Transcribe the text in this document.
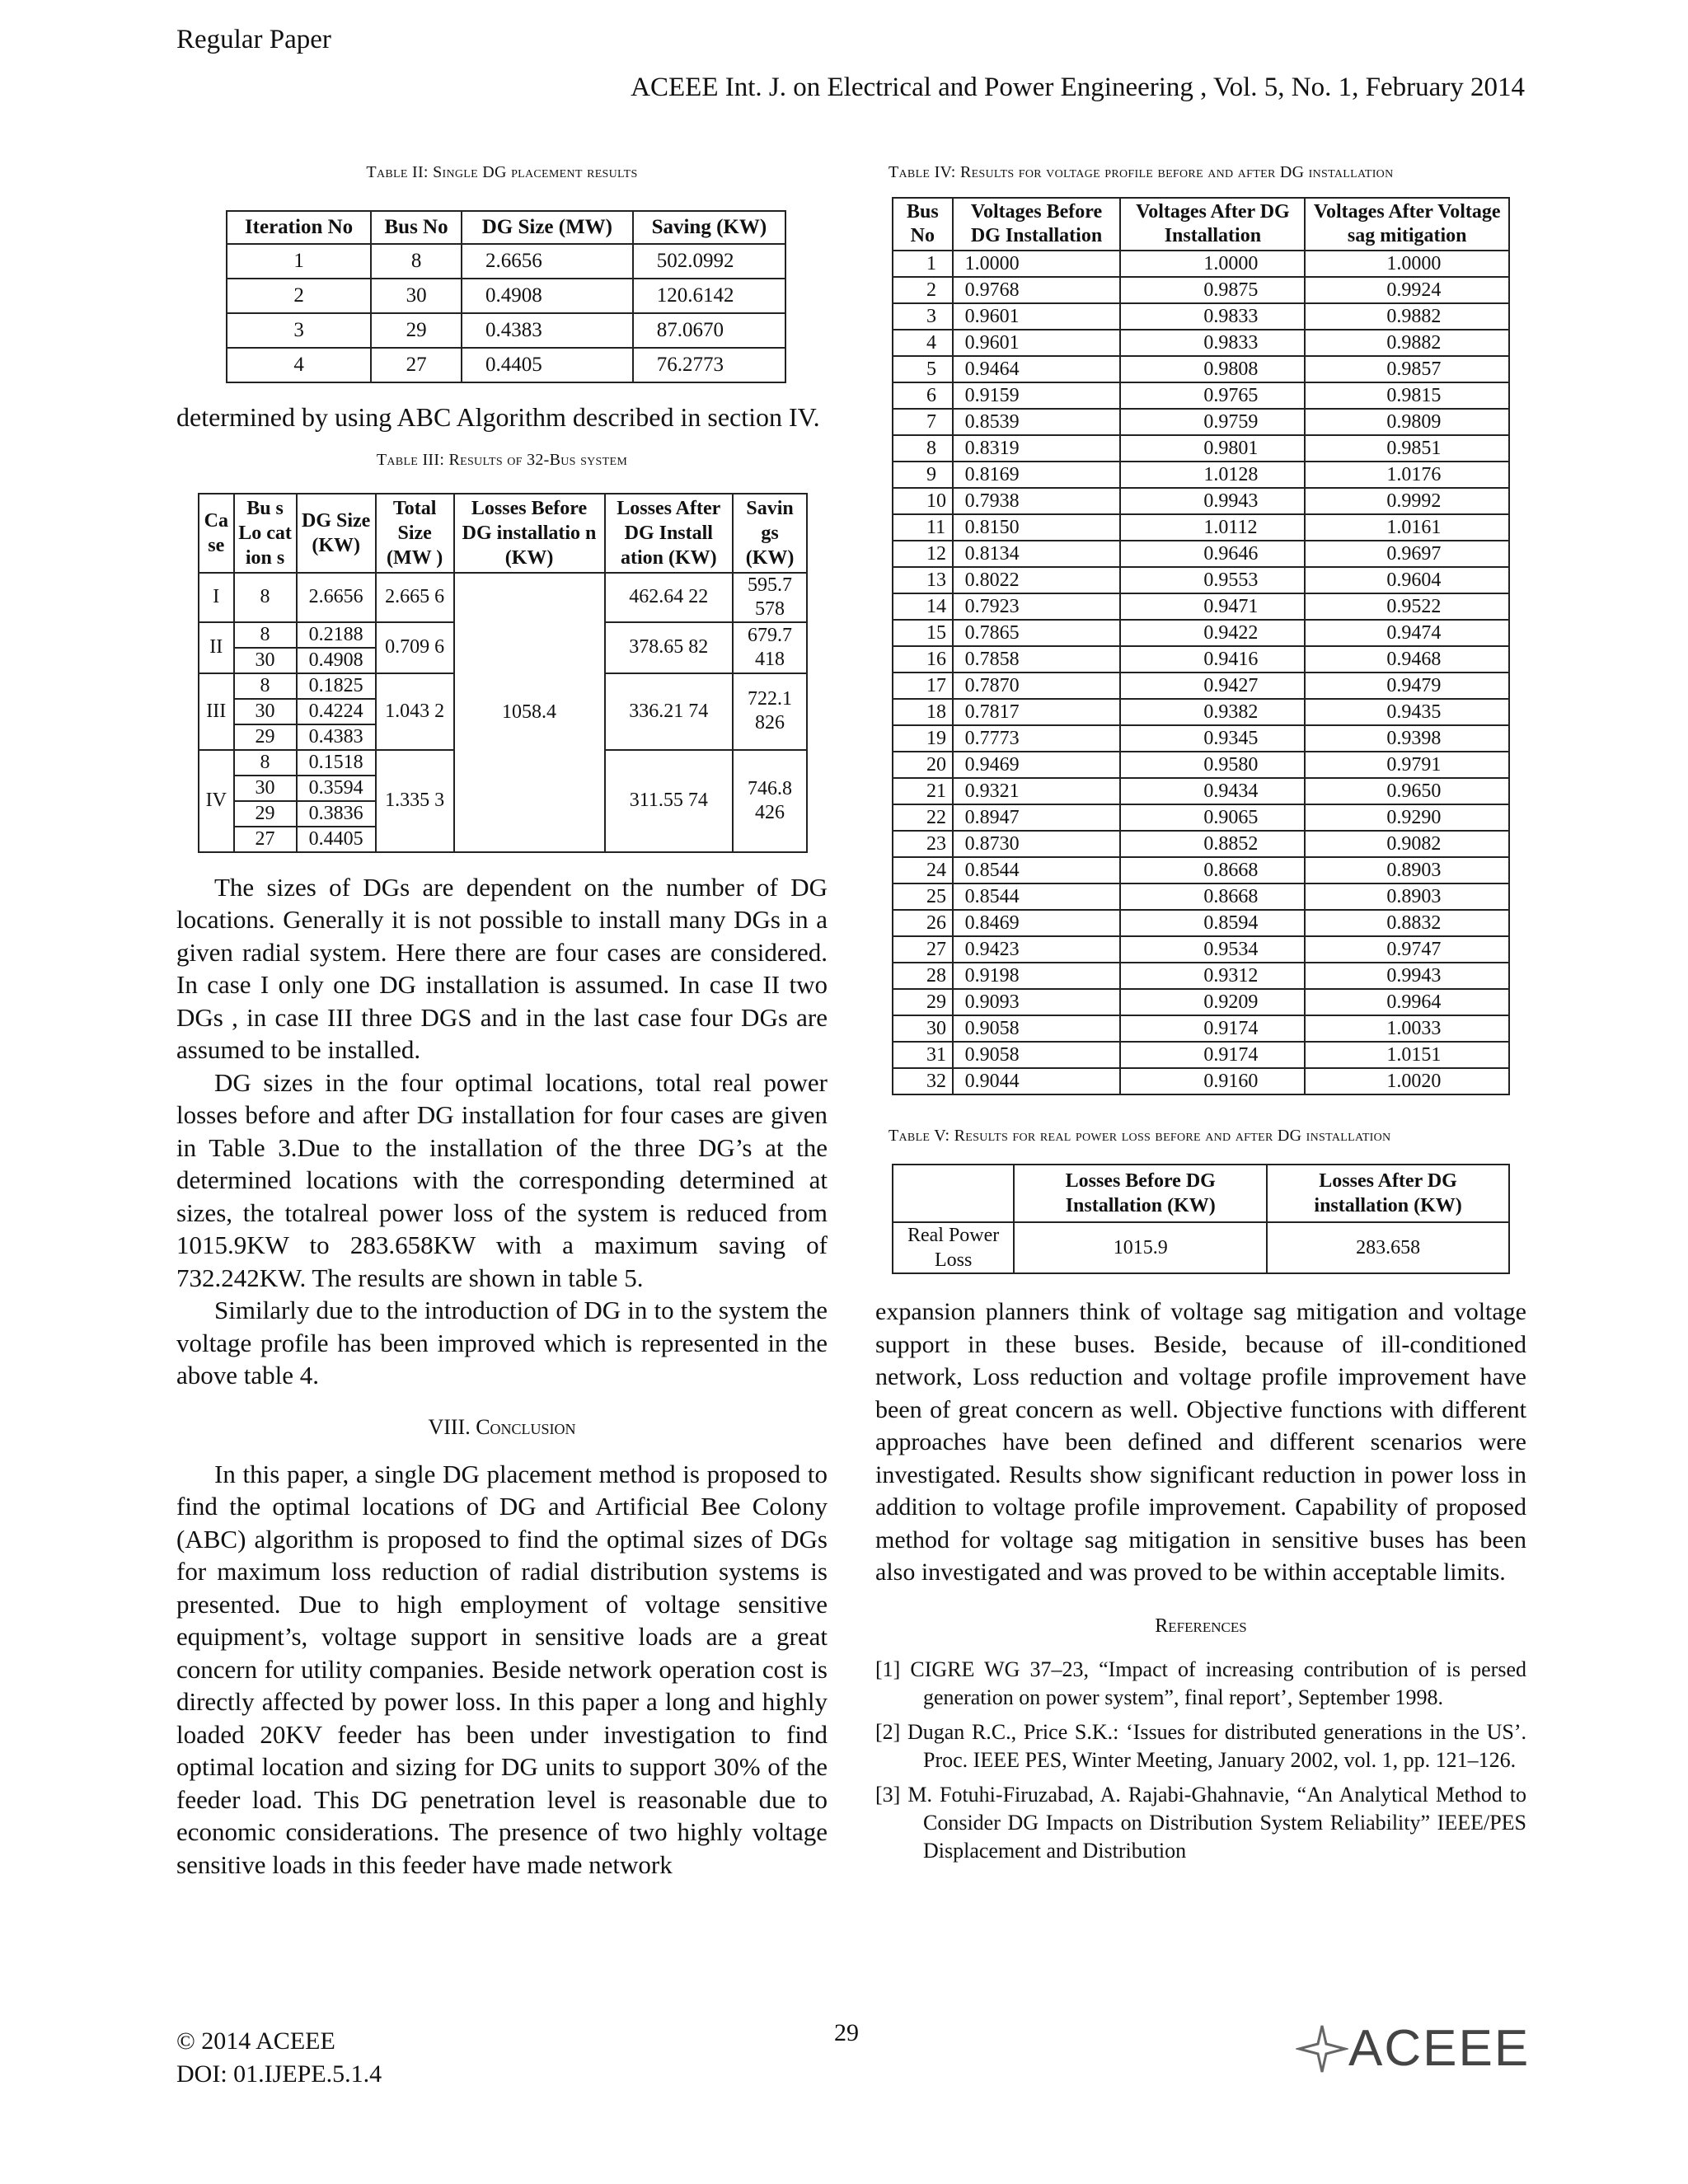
Regular Paper
ACEEE Int. J. on Electrical and Power Engineering , Vol. 5, No. 1, February 2014
Table II: Single DG placement results
Iteration No	Bus No	DG Size (MW)	Saving (KW)
1	8	2.6656	502.0992
2	30	0.4908	120.6142
3	29	0.4383	87.0670
4	27	0.4405	76.2773

determined by using ABC Algorithm described in section IV.

Table III: Results of 32-Bus system
Ca se	Bu s Lo cat ion s	DG Size (KW)	Total Size (MW )	Losses Before DG installatio n (KW)	Losses After DG Install ation (KW)	Savin gs (KW)
I	8	2.6656	2.665 6	1058.4	462.64 22	595.7 578
II	8	0.2188	0.709 6		378.65 82	679.7 418
	30	0.4908				
III	8	0.1825	1.043 2		336.21 74	722.1 826
	30	0.4224				
	29	0.4383				
IV	8	0.1518	1.335 3		311.55 74	746.8 426
	30	0.3594				
	29	0.3836				
	27	0.4405				

The sizes of DGs are dependent on the number of DG locations. Generally it is not possible to install many DGs in a given radial system. Here there are four cases are considered. In case I only one DG installation is assumed. In case II two DGs , in case III three DGS and in the last case four DGs are assumed to be installed.

DG sizes in the four optimal locations, total real power losses before and after DG installation for four cases are given in Table 3.Due to the installation of the three DG’s at the determined locations with the corresponding determined at sizes, the totalreal power loss of the system is reduced from 1015.9KW to 283.658KW with a maximum saving of 732.242KW. The results are shown in table 5.

Similarly due to the introduction of DG in to the system the voltage profile has been improved which is represented in the above table 4.

VIII. Conclusion

In this paper, a single DG placement method is proposed to find the optimal locations of DG and Artificial Bee Colony (ABC) algorithm is proposed to find the optimal sizes of DGs for maximum loss reduction of radial distribution systems is presented. Due to high employment of voltage sensitive equipment’s, voltage support in sensitive loads are a great concern for utility companies. Beside network operation cost is directly affected by power loss. In this paper a long and highly loaded 20KV feeder has been under investigation to find optimal location and sizing for DG units to support 30% of the feeder load. This DG penetration level is reasonable due to economic considerations. The presence of two highly voltage sensitive loads in this feeder have made network

Table IV: Results for voltage profile before and after DG installation
Bus No	Voltages Before DG Installation	Voltages After DG Installation	Voltages After Voltage sag mitigation
1	1.0000	1.0000	1.0000
2	0.9768	0.9875	0.9924
3	0.9601	0.9833	0.9882
4	0.9601	0.9833	0.9882
5	0.9464	0.9808	0.9857
6	0.9159	0.9765	0.9815
7	0.8539	0.9759	0.9809
8	0.8319	0.9801	0.9851
9	0.8169	1.0128	1.0176
10	0.7938	0.9943	0.9992
11	0.8150	1.0112	1.0161
12	0.8134	0.9646	0.9697
13	0.8022	0.9553	0.9604
14	0.7923	0.9471	0.9522
15	0.7865	0.9422	0.9474
16	0.7858	0.9416	0.9468
17	0.7870	0.9427	0.9479
18	0.7817	0.9382	0.9435
19	0.7773	0.9345	0.9398
20	0.9469	0.9580	0.9791
21	0.9321	0.9434	0.9650
22	0.8947	0.9065	0.9290
23	0.8730	0.8852	0.9082
24	0.8544	0.8668	0.8903
25	0.8544	0.8668	0.8903
26	0.8469	0.8594	0.8832
27	0.9423	0.9534	0.9747
28	0.9198	0.9312	0.9943
29	0.9093	0.9209	0.9964
30	0.9058	0.9174	1.0033
31	0.9058	0.9174	1.0151
32	0.9044	0.9160	1.0020
Table V: Results for real power loss before and after DG installation
	Losses Before DG Installation (KW)	Losses After DG installation (KW)
Real Power Loss	1015.9	283.658

expansion planners think of voltage sag mitigation and voltage support in these buses. Beside, because of ill-conditioned network, Loss reduction and voltage profile improvement have been of great concern as well. Objective functions with different approaches have been defined and different scenarios were investigated. Results show significant reduction in power loss in addition to voltage profile improvement. Capability of proposed method for voltage sag mitigation in sensitive buses has been also investigated and was proved to be within acceptable limits.

References

[1] CIGRE WG 37–23, “Impact of increasing contribution of is persed generation on power system”, final report’, September 1998.

[2] Dugan R.C., Price S.K.: ‘Issues for distributed generations in the US’. Proc. IEEE PES, Winter Meeting, January 2002, vol. 1, pp. 121–126.

[3] M. Fotuhi-Firuzabad, A. Rajabi-Ghahnavie, “An Analytical Method to Consider DG Impacts on Distribution System Reliability” IEEE/PES Displacement and Distribution

© 2014 ACEEE
DOI: 01.IJEPE.5.1.4
29	ACEEE
